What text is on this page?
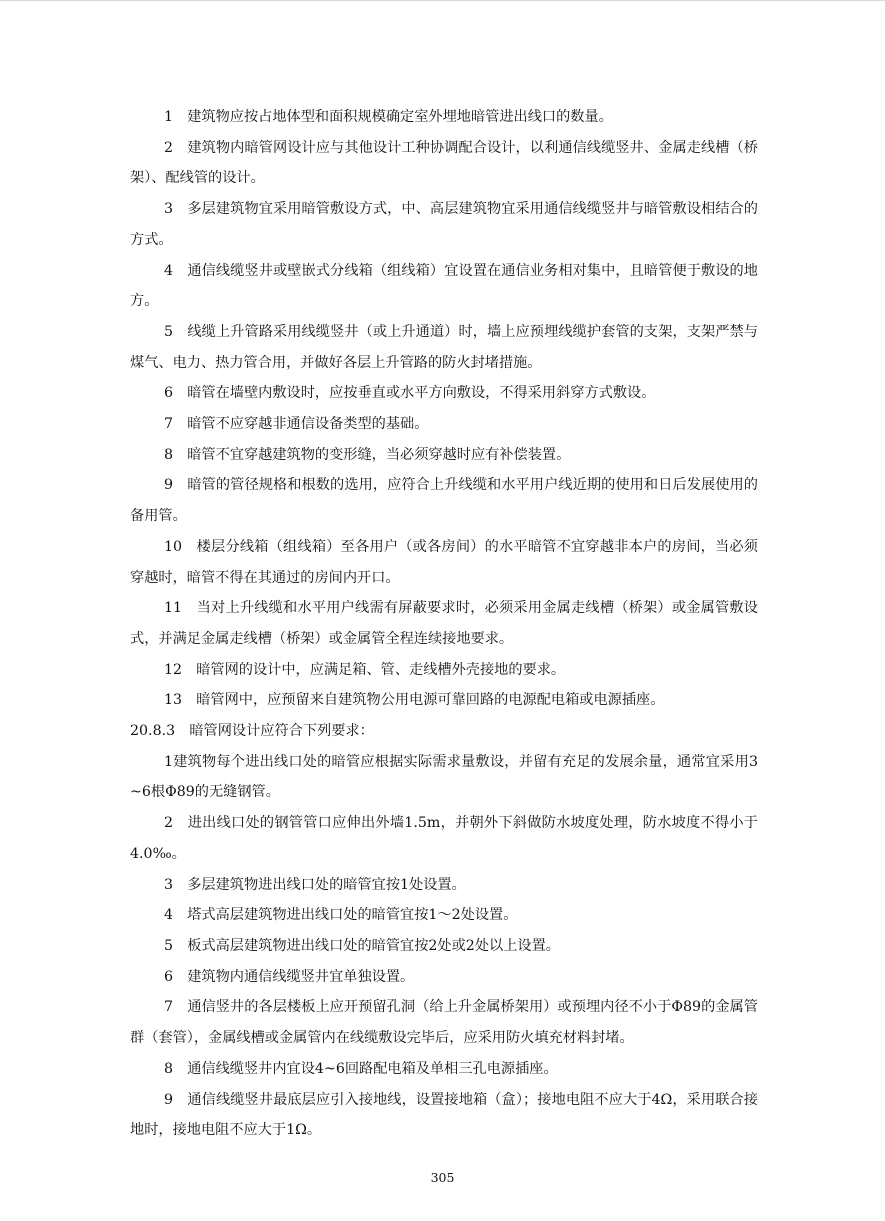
1　建筑物应按占地体型和面积规模确定室外埋地暗管进出线口的数量。

2　建筑物内暗管网设计应与其他设计工种协调配合设计，以利通信线缆竖井、金属走线槽（桥架）、配线管的设计。

3　多层建筑物宜采用暗管敷设方式，中、高层建筑物宜采用通信线缆竖井与暗管敷设相结合的方式。

4　通信线缆竖井或壁嵌式分线箱（组线箱）宜设置在通信业务相对集中，且暗管便于敷设的地方。

5　线缆上升管路采用线缆竖井（或上升通道）时，墙上应预埋线缆护套管的支架，支架严禁与煤气、电力、热力管合用，并做好各层上升管路的防火封堵措施。

6　暗管在墙壁内敷设时，应按垂直或水平方向敷设，不得采用斜穿方式敷设。

7　暗管不应穿越非通信设备类型的基础。

8　暗管不宜穿越建筑物的变形缝，当必须穿越时应有补偿装置。

9　暗管的管径规格和根数的选用，应符合上升线缆和水平用户线近期的使用和日后发展使用的备用管。

10　楼层分线箱（组线箱）至各用户（或各房间）的水平暗管不宜穿越非本户的房间，当必须穿越时，暗管不得在其通过的房间内开口。

11　当对上升线缆和水平用户线需有屏蔽要求时，必须采用金属走线槽（桥架）或金属管敷设式，并满足金属走线槽（桥架）或金属管全程连续接地要求。

12　暗管网的设计中，应满足箱、管、走线槽外壳接地的要求。

13　暗管网中，应预留来自建筑物公用电源可靠回路的电源配电箱或电源插座。

20.8.3　暗管网设计应符合下列要求：

1建筑物每个进出线口处的暗管应根据实际需求量敷设，并留有充足的发展余量，通常宜采用3~6根Φ89的无缝钢管。

2　进出线口处的钢管管口应伸出外墙1.5m，并朝外下斜做防水坡度处理，防水坡度不得小于4.0‰。

3　多层建筑物进出线口处的暗管宜按1处设置。

4　塔式高层建筑物进出线口处的暗管宜按1～2处设置。

5　板式高层建筑物进出线口处的暗管宜按2处或2处以上设置。

6　建筑物内通信线缆竖井宜单独设置。

7　通信竖井的各层楼板上应开预留孔洞（给上升金属桥架用）或预埋内径不小于Φ89的金属管群（套管），金属线槽或金属管内在线缆敷设完毕后，应采用防火填充材料封堵。

8　通信线缆竖井内宜设4~6回路配电箱及单相三孔电源插座。

9　通信线缆竖井最底层应引入接地线，设置接地箱（盒）；接地电阻不应大于4Ω，采用联合接地时，接地电阻不应大于1Ω。

305
